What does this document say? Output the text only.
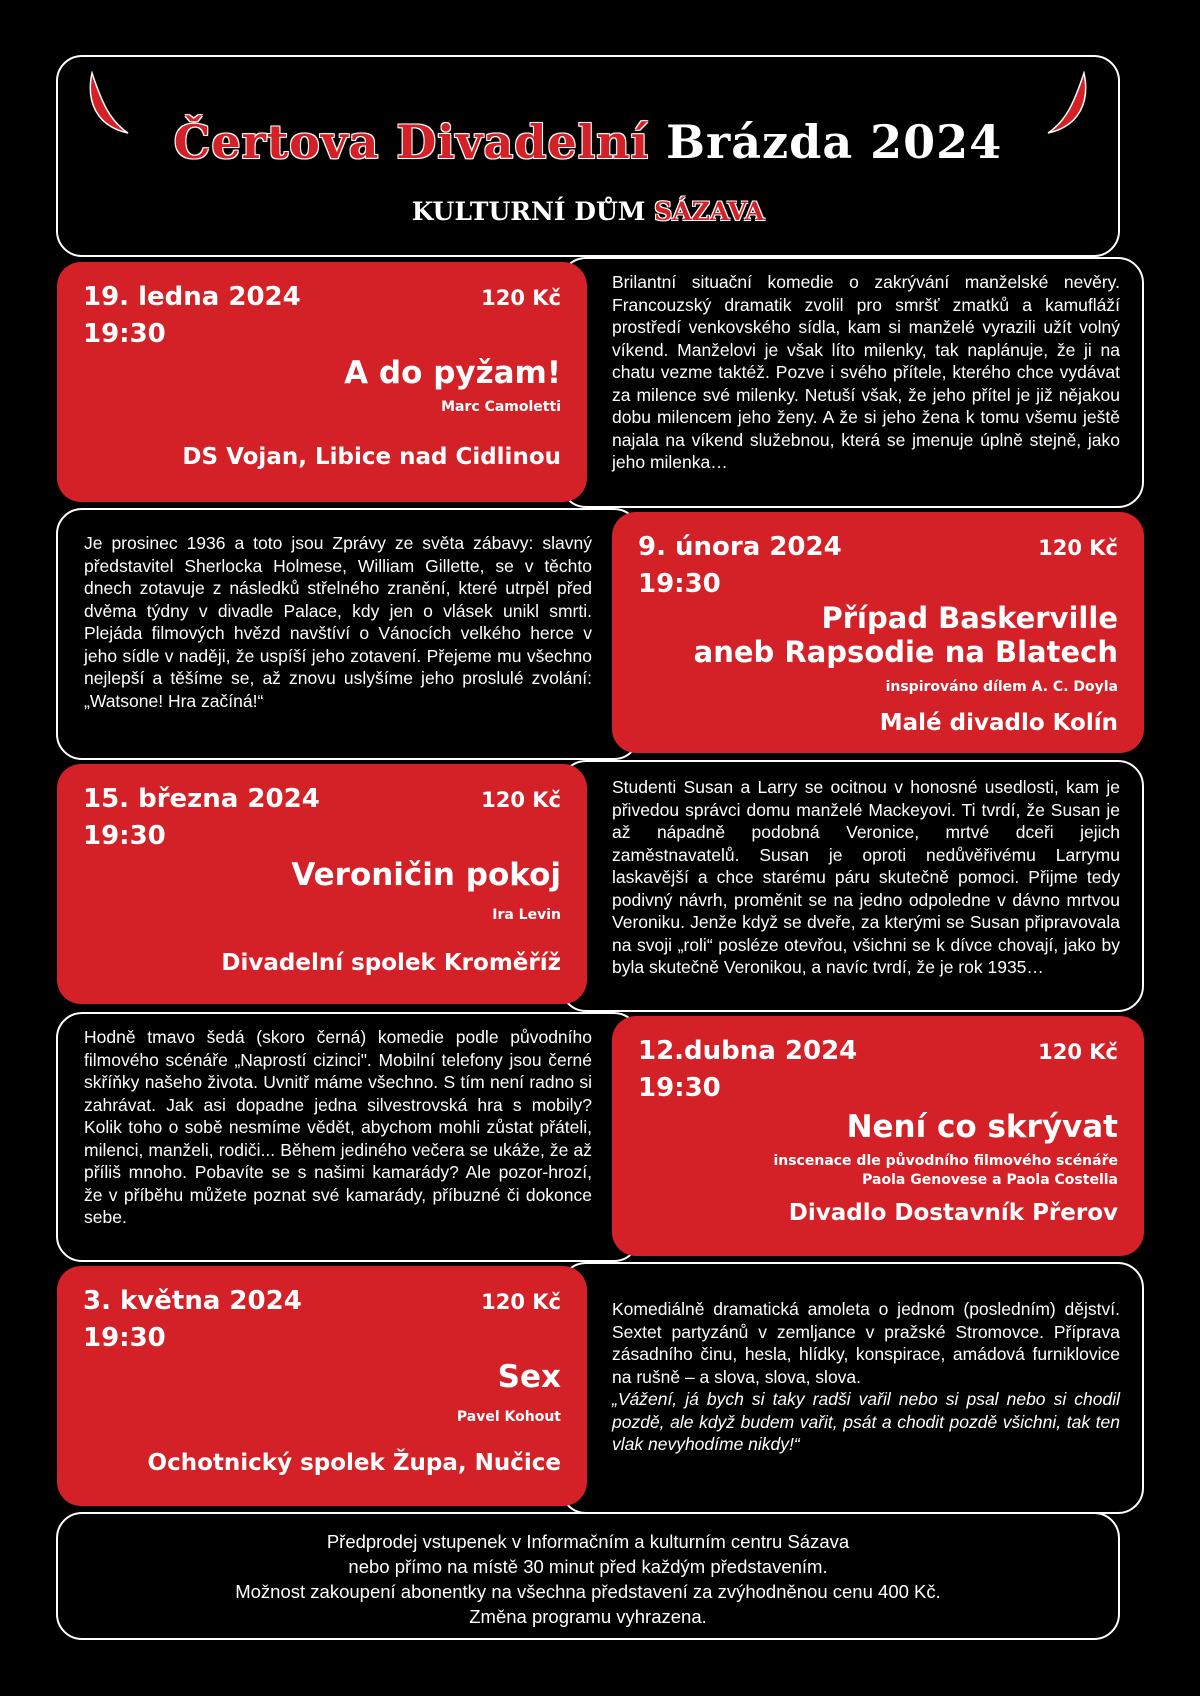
Čertova Divadelní Brázda 2024
KULTURNÍ DŮM SÁZAVA

Brilantní situační komedie o zakrývání manželské nevěry. Francouzský dramatik zvolil pro smršť zmatků a kamufláží prostředí venkovského sídla, kam si manželé vyrazili užít volný víkend. Manželovi je však líto milenky, tak naplánuje, že ji na chatu vezme taktéž. Pozve i svého přítele, kterého chce vydávat za milence své milenky. Netuší však, že jeho přítel je již nějakou dobu milencem jeho ženy. A že si jeho žena k tomu všemu ještě najala na víkend služebnou, která se jmenuje úplně stejně, jako jeho milenka…

19. ledna 2024
19:30
120 Kč
A do pyžam!
Marc Camoletti
DS Vojan, Libice nad Cidlinou

Je prosinec 1936 a toto jsou Zprávy ze světa zábavy: slavný představitel Sherlocka Holmese, William Gillette, se v těchto dnech zotavuje z následků střelného zranění, které utrpěl před dvěma týdny v divadle Palace, kdy jen o vlásek unikl smrti. Plejáda filmových hvězd navštíví o Vánocích velkého herce v jeho sídle v naději, že uspíší jeho zotavení. Přejeme mu všechno nejlepší a těšíme se, až znovu uslyšíme jeho proslulé zvolání: „Watsone! Hra začíná!“

9. února 2024
19:30
120 Kč
Případ Baskerville
aneb Rapsodie na Blatech
inspirováno dílem A. C. Doyla
Malé divadlo Kolín

Studenti Susan a Larry se ocitnou v honosné usedlosti, kam je přivedou správci domu manželé Mackeyovi. Ti tvrdí, že Susan je až nápadně podobná Veronice, mrtvé dceři jejich zaměstnavatelů. Susan je oproti nedůvěřivému Larrymu laskavější a chce starému páru skutečně pomoci. Přijme tedy podivný návrh, proměnit se na jedno odpoledne v dávno mrtvou Veroniku. Jenže když se dveře, za kterými se Susan připravovala na svoji „roli“ posléze otevřou, všichni se k dívce chovají, jako by byla skutečně Veronikou, a navíc tvrdí, že je rok 1935…

15. března 2024
19:30
120 Kč
Veroničin pokoj
Ira Levin
Divadelní spolek Kroměříž

Hodně tmavo šedá (skoro černá) komedie podle původního filmového scénáře „Naprostí cizinci". Mobilní telefony jsou černé skříňky našeho života. Uvnitř máme všechno. S tím není radno si zahrávat. Jak asi dopadne jedna silvestrovská hra s mobily? Kolik toho o sobě nesmíme vědět, abychom mohli zůstat přáteli, milenci, manželi, rodiči... Během jediného večera se ukáže, že až příliš mnoho. Pobavíte se s našimi kamarády? Ale pozor-hrozí, že v příběhu můžete poznat své kamarády, příbuzné či dokonce sebe.

12.dubna 2024
19:30
120 Kč
Není co skrývat
inscenace dle původního filmového scénáře
Paola Genovese a Paola Costella
Divadlo Dostavník Přerov
Komediálně dramatická amoleta o jednom (posledním) dějství. Sextet partyzánů v zemljance v pražské Stromovce. Příprava zásadního činu, hesla, hlídky, konspirace, amádová furniklovice na rušně – a slova, slova, slova.
„Vážení, já bych si taky radši vařil nebo si psal nebo si chodil pozdě, ale když budem vařit, psát a chodit pozdě všichni, tak ten vlak nevyhodíme nikdy!“
3. května 2024
19:30
120 Kč
Sex
Pavel Kohout
Ochotnický spolek Župa, Nučice
Předprodej vstupenek v Informačním a kulturním centru Sázava
nebo přímo na místě 30 minut před každým představením.
Možnost zakoupení abonentky na všechna představení za zvýhodněnou cenu 400 Kč.
Změna programu vyhrazena.
